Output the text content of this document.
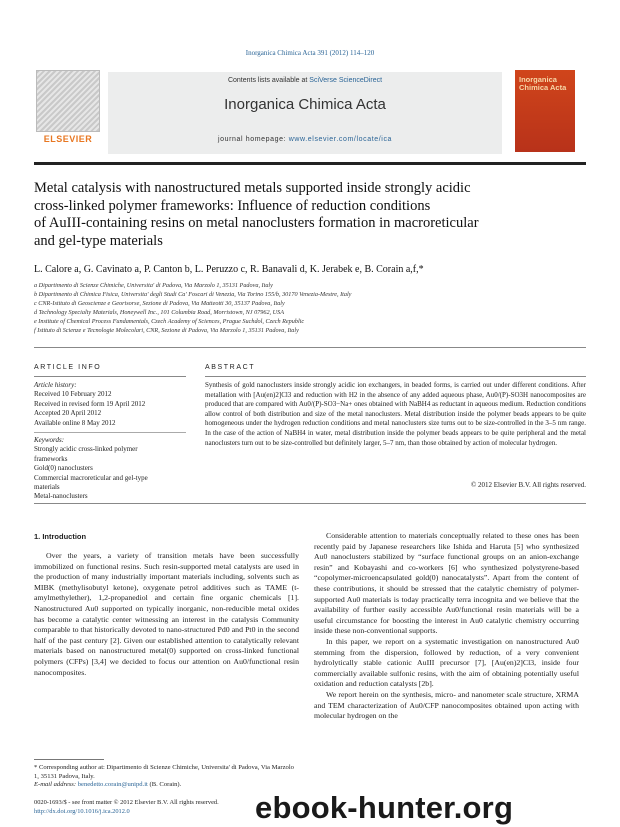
Inorganica Chimica Acta 391 (2012) 114–120
ELSEVIER
Contents lists available at SciVerse ScienceDirect
Inorganica Chimica Acta
journal homepage: www.elsevier.com/locate/ica
Inorganica Chimica Acta
Metal catalysis with nanostructured metals supported inside strongly acidic
cross-linked polymer frameworks: Influence of reduction conditions
of AuIII-containing resins on metal nanoclusters formation in macroreticular
and gel-type materials
L. Calore a, G. Cavinato a, P. Canton b, L. Peruzzo c, R. Banavali d, K. Jerabek e, B. Corain a,f,*
a Dipartimento di Scienze Chimiche, Universita' di Padova, Via Marzolo 1, 35131 Padova, Italy
b Dipartimento di Chimica Fisica, Universita' degli Studi Ca' Foscari di Venezia, Via Torino 155/b, 30170 Venezia-Mestre, Italy
c CNR-Istituto di Geoscienze e Georisorse, Sezione di Padova, Via Matteotti 30, 35137 Padova, Italy
d Technology Specialty Materials, Honeywell Inc., 101 Columbia Road, Morristown, NJ 07962, USA
e Institute of Chemical Process Fundamentals, Czech Academy of Sciences, Prague Suchdol, Czech Republic
f Istituto di Scienze e Tecnologie Molecolari, CNR, Sezione di Padova, Via Marzolo 1, 35131 Padova, Italy
ARTICLE INFO
Article history:
Received 10 February 2012
Received in revised form 19 April 2012
Accepted 20 April 2012
Available online 8 May 2012
Keywords:
Strongly acidic cross-linked polymer
frameworks
Gold(0) nanoclusters
Commercial macroreticular and gel-type
materials
Metal-nanoclusters
ABSTRACT
Synthesis of gold nanoclusters inside strongly acidic ion exchangers, in beaded forms, is carried out under different conditions. After metallation with [Au(en)2]Cl3 and reduction with H2 in the absence of any added aqueous phase, Au0/(P)-SO3H nanocomposites are produced that are compared with Au0/(P)-SO3−Na+ ones obtained with NaBH4 as reductant in aqueous medium. Reduction conditions allow control of both distribution and size of the metal nanoclusters. Metal distribution inside the polymer beads appears to be quite homogeneous under the hydrogen reduction conditions and metal nanoclusters size turns out to be size-controlled in the 3–5 nm range. In the case of the action of NaBH4 in water, metal distribution inside the polymer beads appears to be quite peripheral and the metal nanoclusters turn out to be size-controlled but definitely larger, 5–7 nm, than those obtained by action of molecular hydrogen.
© 2012 Elsevier B.V. All rights reserved.
1. Introduction

Over the years, a variety of transition metals have been successfully immobilized on functional resins. Such resin-supported metal catalysts are used in the production of many industrially important materials including, solvents such as MIBK (methylisobutyl ketone), oxygenate petrol additives such as TAME (t-amylmethylether), 1,2-propanediol and certain fine organic chemicals [1]. Nanostructured Au0 supported on typically inorganic, non-reducible metal oxides has become a catalytic center witnessing an interest in the catalysis Community comparable to that historically devoted to nano-structured Pd0 and Pt0 in the second half of the past century [2]. Given our established attention to catalytically relevant materials based on nanostructured metal(0) supported on cross-linked functional polymers (CFPs) [3,4] we decided to focus our attention on Au0/functional resin nanocomposites.

Considerable attention to materials conceptually related to these ones has been recently paid by Japanese researchers like Ishida and Haruta [5] who synthesized Au0 nanoclusters stabilized by “surface functional groups on an anion-exchange resin” and Kobayashi and co-workers [6] who synthesized polystyrene-based “copolymer-microencapsulated gold(0) nanocatalysts”. Apart from the content of these contributions, it should be stressed that the catalytic chemistry of polymer-supported Au0 materials is today practically terra incognita and we believe that the availability of further easily accessible Au0/functional resin materials will be a useful circumstance for boosting the interest in Au0 catalytic chemistry occurring inside these non-conventional supports.

In this paper, we report on a systematic investigation on nanostructured Au0 stemming from the dispersion, followed by reduction, of a very convenient hydrolytically stable cationic AuIII precursor [7], [Au(en)2]Cl3, inside four commercially available sulfonic resins, with the aim of obtaining potentially useful oxidation and reduction catalysts [2b].

We report herein on the synthesis, micro- and nanometer scale structure, XRMA and TEM characterization of Au0/CFP nanocomposites obtained upon acting with molecular hydrogen on the

* Corresponding author at: Dipartimento di Scienze Chimiche, Universita' di Padova, Via Marzolo 1, 35131 Padova, Italy.
E-mail address: benedetto.corain@unipd.it (B. Corain).
0020-1693/$ - see front matter © 2012 Elsevier B.V. All rights reserved.
http://dx.doi.org/10.1016/j.ica.2012.0	ebook-hunter.org
